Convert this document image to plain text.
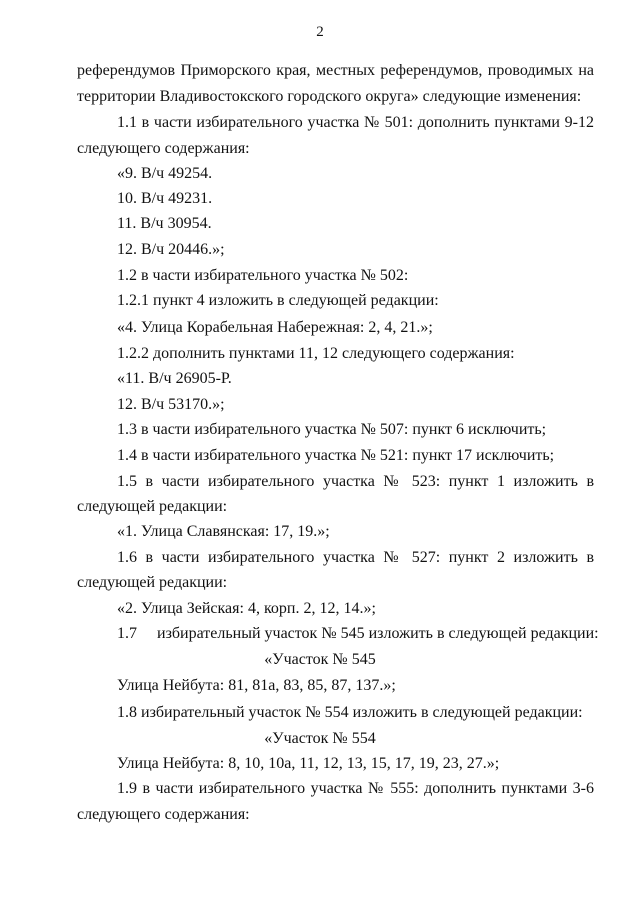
2
референдумов Приморского края, местных референдумов, проводимых на
территории Владивостокского городского округа» следующие изменения:
1.1 в части избирательного участка № 501: дополнить пунктами 9-12
следующего содержания:
«9. В/ч 49254.
10. В/ч 49231.
11. В/ч 30954.
12. В/ч 20446.»;
1.2 в части избирательного участка № 502:
1.2.1 пункт 4 изложить в следующей редакции:
«4. Улица Корабельная Набережная: 2, 4, 21.»;
1.2.2 дополнить пунктами 11, 12 следующего содержания:
«11. В/ч 26905-Р.
12. В/ч 53170.»;
1.3 в части избирательного участка № 507: пункт 6 исключить;
1.4 в части избирательного участка № 521: пункт 17 исключить;
1.5 в части избирательного участка № 523: пункт 1 изложить в
следующей редакции:
«1. Улица Славянская: 17, 19.»;
1.6 в части избирательного участка № 527: пункт 2 изложить в
следующей редакции:
«2. Улица Зейская: 4, корп. 2, 12, 14.»;
1.7     избирательный участок № 545 изложить в следующей редакции:
«Участок № 545
Улица Нейбута: 81, 81а, 83, 85, 87, 137.»;
1.8 избирательный участок № 554 изложить в следующей редакции:
«Участок № 554
Улица Нейбута: 8, 10, 10а, 11, 12, 13, 15, 17, 19, 23, 27.»;
1.9 в части избирательного участка № 555: дополнить пунктами 3-6
следующего содержания:
